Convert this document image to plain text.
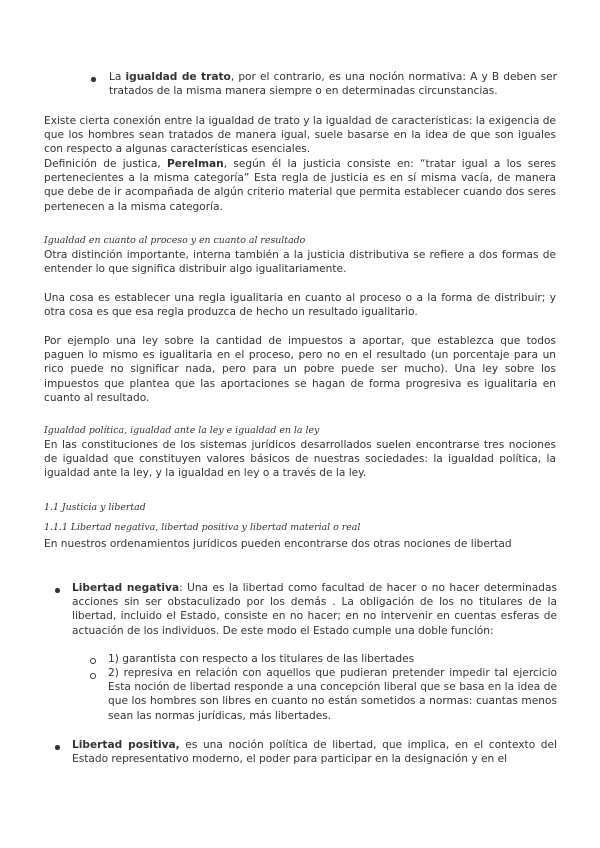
La igualdad de trato, por el contrario, es una noción normativa: A y B deben ser tratados de la misma manera siempre o en determinadas circunstancias.

Existe cierta conexión entre la igualdad de trato y la igualdad de características: la exigencia de que los hombres sean tratados de manera igual, suele basarse en la idea de que son iguales con respecto a algunas características esenciales.

Definición de justica, Perelman, según él la justicia consiste en: “tratar igual a los seres pertenecientes a la misma categoría” Esta regla de justicia es en sí misma vacía, de manera que debe de ir acompañada de algún criterio material que permita establecer cuando dos seres pertenecen a la misma categoría.

Igualdad en cuanto al proceso y en cuanto al resultado

Otra distinción importante, interna también a la justicia distributiva se refiere a dos formas de entender lo que significa distribuir algo igualitariamente.

Una cosa es establecer una regla igualitaria en cuanto al proceso o a la forma de distribuir; y otra cosa es que esa regla produzca de hecho un resultado igualitario.

Por ejemplo una ley sobre la cantidad de impuestos a aportar, que establezca que todos paguen lo mismo es igualitaria en el proceso, pero no en el resultado (un porcentaje para un rico puede no significar nada, pero para un pobre puede ser mucho). Una ley sobre los impuestos que plantea que las aportaciones se hagan de forma progresiva es igualitaria en cuanto al resultado.

Igualdad política, igualdad ante la ley e igualdad en la ley

En las constituciones de los sistemas jurídicos desarrollados suelen encontrarse tres nociones de igualdad que constituyen valores básicos de nuestras sociedades: la igualdad política, la igualdad ante la ley, y la igualdad en ley o a través de la ley.

1.1 Justicia y libertad

1.1.1 Libertad negativa, libertad positiva y libertad material o real

En nuestros ordenamientos jurídicos pueden encontrarse dos otras nociones de libertad

Libertad negativa: Una es la libertad como facultad de hacer o no hacer determinadas acciones sin ser obstaculizado por los demás . La obligación de los no titulares de la libertad, incluido el Estado, consiste en no hacer; en no intervenir en cuentas esferas de actuación de los individuos. De este modo el Estado cumple una doble función:

1) garantista con respecto a los titulares de las libertades

2) represiva en relación con aquellos que pudieran pretender impedir tal ejercicio Esta noción de libertad responde a una concepción liberal que se basa en la idea de que los hombres son libres en cuanto no están sometidos a normas: cuantas menos sean las normas jurídicas, más libertades.

Libertad positiva, es una noción política de libertad, que implica, en el contexto del Estado representativo moderno, el poder para participar en la designación y en el
